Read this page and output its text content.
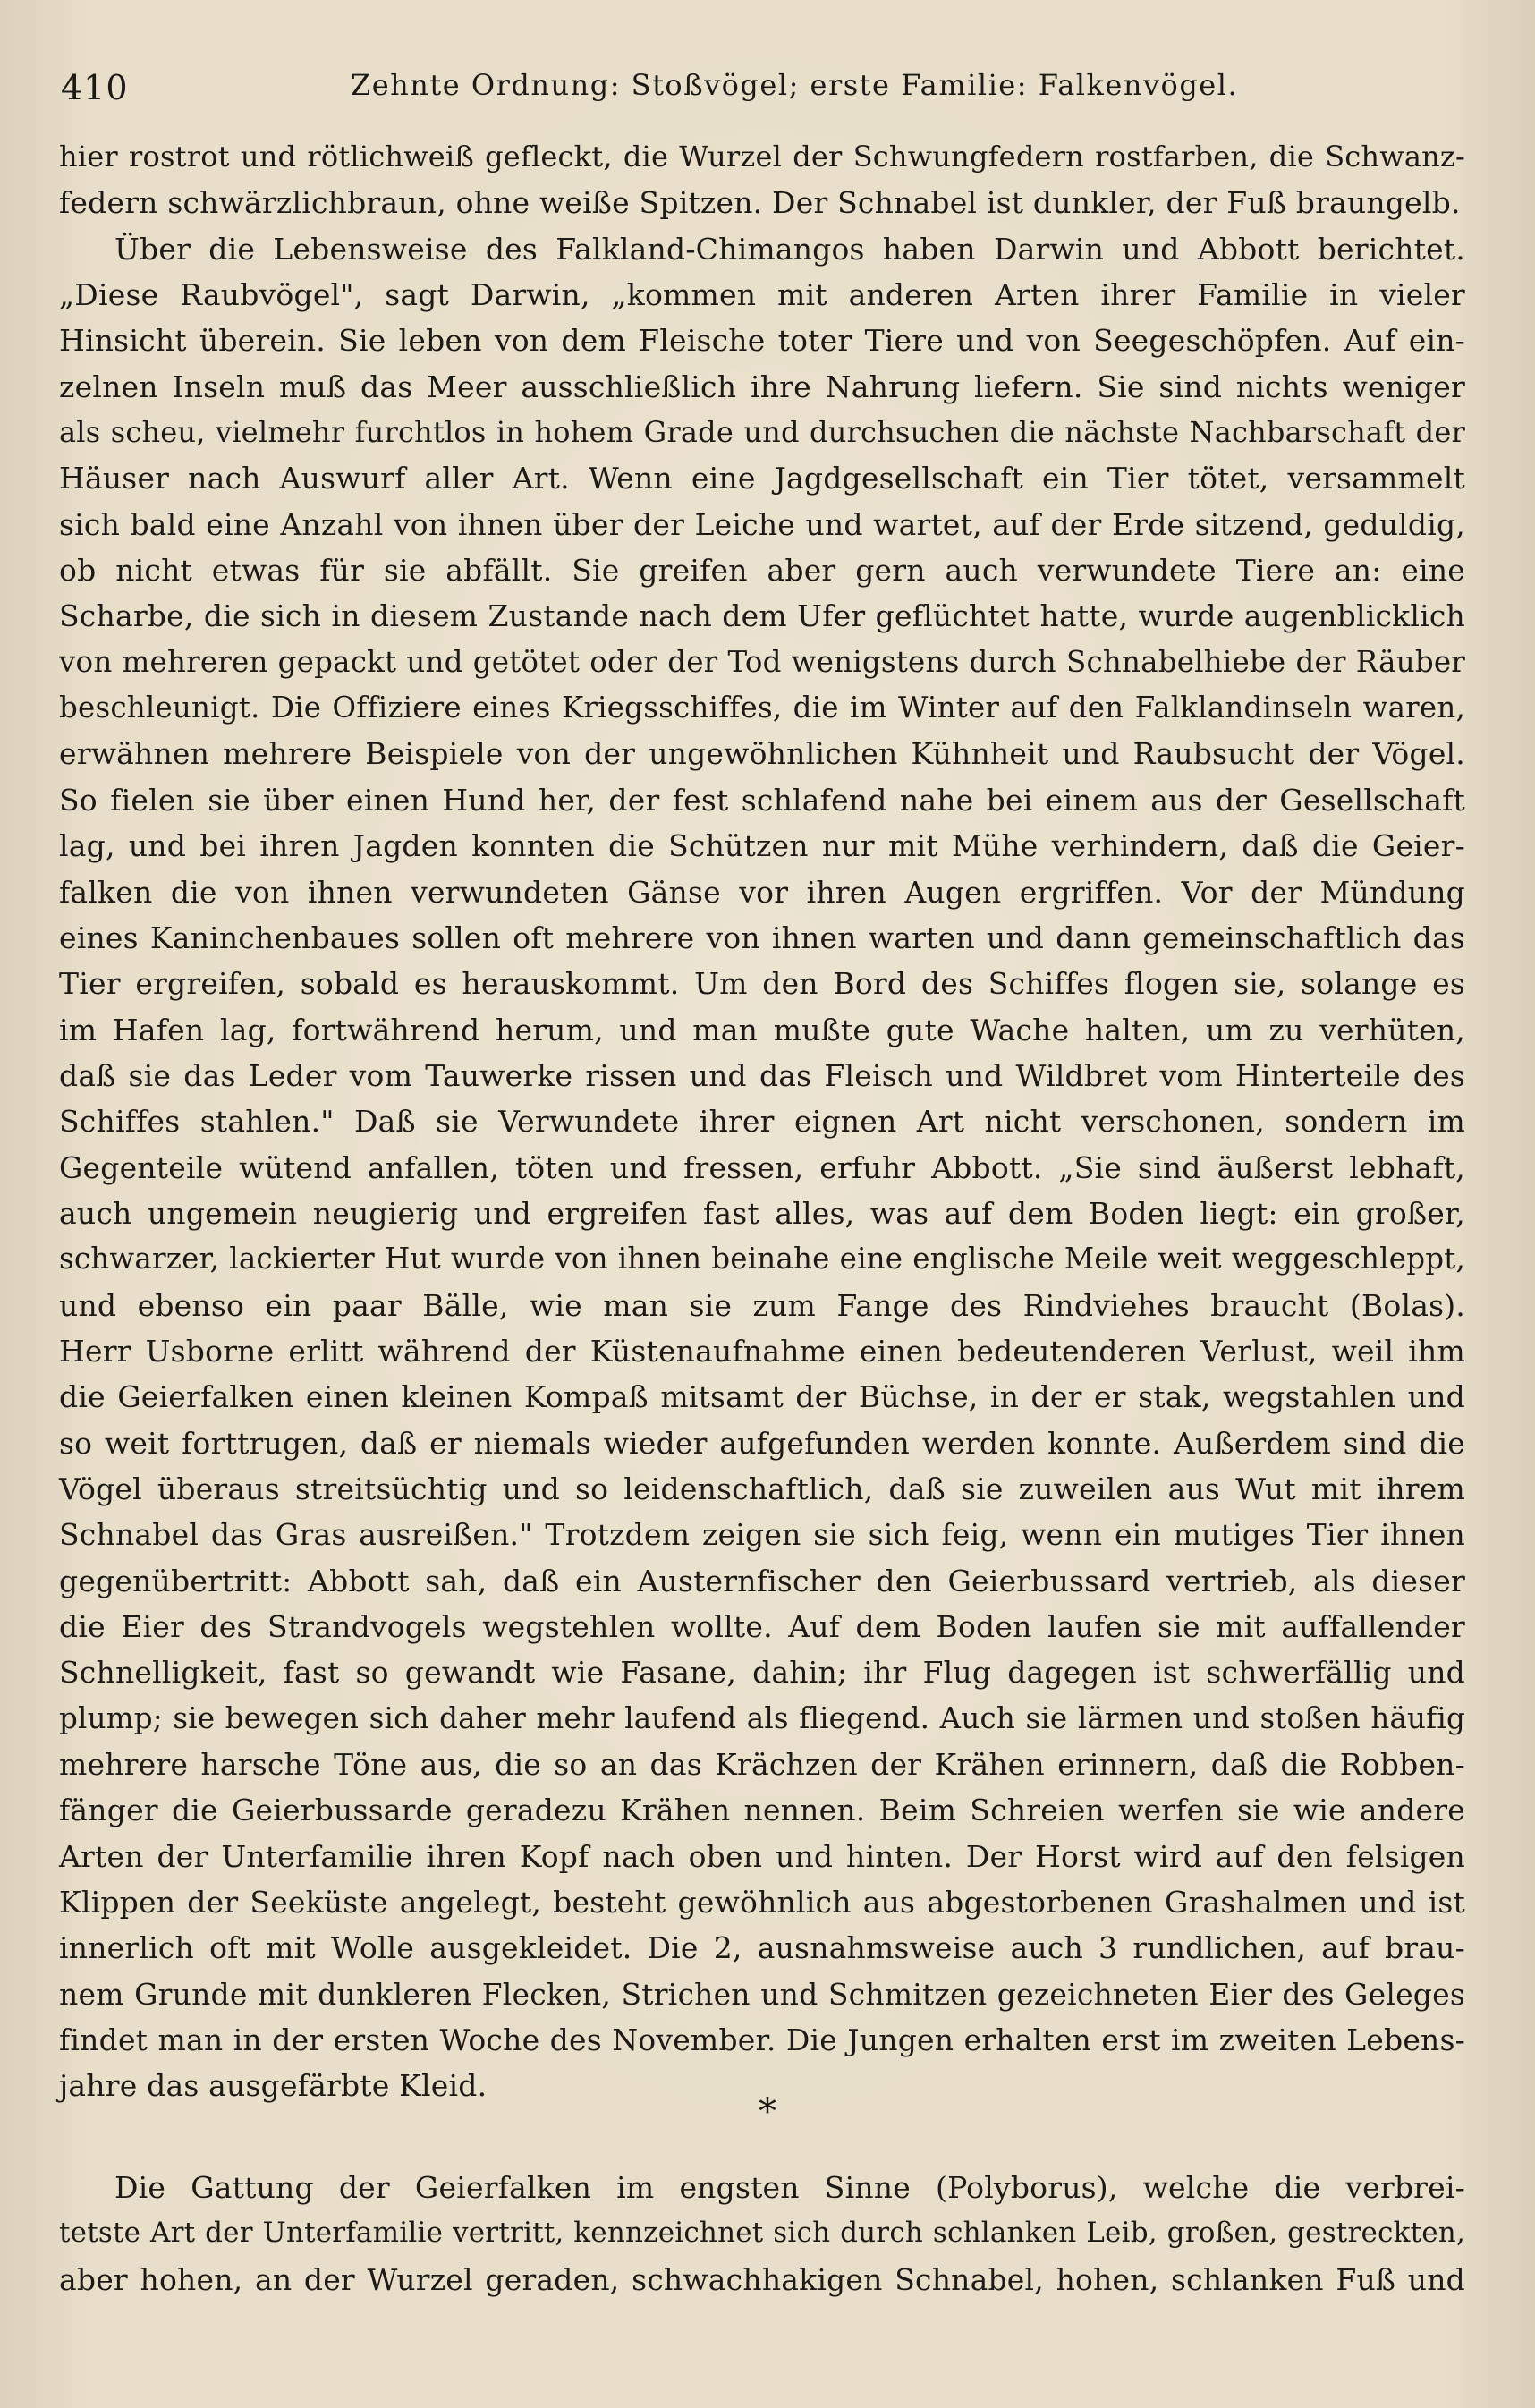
410	Zehnte Ordnung: Stoßvögel; erste Familie: Falkenvögel.
hier rostrot und rötlichweiß gefleckt, die Wurzel der Schwungfedern rostfarben, die Schwanz-
federn schwärzlichbraun, ohne weiße Spitzen. Der Schnabel ist dunkler, der Fuß braungelb.
Über die Lebensweise des Falkland-Chimangos haben Darwin und Abbott berichtet.
„Diese Raubvögel", sagt Darwin, „kommen mit anderen Arten ihrer Familie in vieler
Hinsicht überein. Sie leben von dem Fleische toter Tiere und von Seegeschöpfen. Auf ein-
zelnen Inseln muß das Meer ausschließlich ihre Nahrung liefern. Sie sind nichts weniger
als scheu, vielmehr furchtlos in hohem Grade und durchsuchen die nächste Nachbarschaft der
Häuser nach Auswurf aller Art. Wenn eine Jagdgesellschaft ein Tier tötet, versammelt
sich bald eine Anzahl von ihnen über der Leiche und wartet, auf der Erde sitzend, geduldig,
ob nicht etwas für sie abfällt. Sie greifen aber gern auch verwundete Tiere an: eine
Scharbe, die sich in diesem Zustande nach dem Ufer geflüchtet hatte, wurde augenblicklich
von mehreren gepackt und getötet oder der Tod wenigstens durch Schnabelhiebe der Räuber
beschleunigt. Die Offiziere eines Kriegsschiffes, die im Winter auf den Falklandinseln waren,
erwähnen mehrere Beispiele von der ungewöhnlichen Kühnheit und Raubsucht der Vögel.
So fielen sie über einen Hund her, der fest schlafend nahe bei einem aus der Gesellschaft
lag, und bei ihren Jagden konnten die Schützen nur mit Mühe verhindern, daß die Geier-
falken die von ihnen verwundeten Gänse vor ihren Augen ergriffen. Vor der Mündung
eines Kaninchenbaues sollen oft mehrere von ihnen warten und dann gemeinschaftlich das
Tier ergreifen, sobald es herauskommt. Um den Bord des Schiffes flogen sie, solange es
im Hafen lag, fortwährend herum, und man mußte gute Wache halten, um zu verhüten,
daß sie das Leder vom Tauwerke rissen und das Fleisch und Wildbret vom Hinterteile des
Schiffes stahlen." Daß sie Verwundete ihrer eignen Art nicht verschonen, sondern im
Gegenteile wütend anfallen, töten und fressen, erfuhr Abbott. „Sie sind äußerst lebhaft,
auch ungemein neugierig und ergreifen fast alles, was auf dem Boden liegt: ein großer,
schwarzer, lackierter Hut wurde von ihnen beinahe eine englische Meile weit weggeschleppt,
und ebenso ein paar Bälle, wie man sie zum Fange des Rindviehes braucht (Bolas).
Herr Usborne erlitt während der Küstenaufnahme einen bedeutenderen Verlust, weil ihm
die Geierfalken einen kleinen Kompaß mitsamt der Büchse, in der er stak, wegstahlen und
so weit forttrugen, daß er niemals wieder aufgefunden werden konnte. Außerdem sind die
Vögel überaus streitsüchtig und so leidenschaftlich, daß sie zuweilen aus Wut mit ihrem
Schnabel das Gras ausreißen." Trotzdem zeigen sie sich feig, wenn ein mutiges Tier ihnen
gegenübertritt: Abbott sah, daß ein Austernfischer den Geierbussard vertrieb, als dieser
die Eier des Strandvogels wegstehlen wollte. Auf dem Boden laufen sie mit auffallender
Schnelligkeit, fast so gewandt wie Fasane, dahin; ihr Flug dagegen ist schwerfällig und
plump; sie bewegen sich daher mehr laufend als fliegend. Auch sie lärmen und stoßen häufig
mehrere harsche Töne aus, die so an das Krächzen der Krähen erinnern, daß die Robben-
fänger die Geierbussarde geradezu Krähen nennen. Beim Schreien werfen sie wie andere
Arten der Unterfamilie ihren Kopf nach oben und hinten. Der Horst wird auf den felsigen
Klippen der Seeküste angelegt, besteht gewöhnlich aus abgestorbenen Grashalmen und ist
innerlich oft mit Wolle ausgekleidet. Die 2, ausnahmsweise auch 3 rundlichen, auf brau-
nem Grunde mit dunkleren Flecken, Strichen und Schmitzen gezeichneten Eier des Geleges
findet man in der ersten Woche des November. Die Jungen erhalten erst im zweiten Lebens-
jahre das ausgefärbte Kleid.
*
Die Gattung der Geierfalken im engsten Sinne (Polyborus), welche die verbrei-
tetste Art der Unterfamilie vertritt, kennzeichnet sich durch schlanken Leib, großen, gestreckten,
aber hohen, an der Wurzel geraden, schwachhakigen Schnabel, hohen, schlanken Fuß und
